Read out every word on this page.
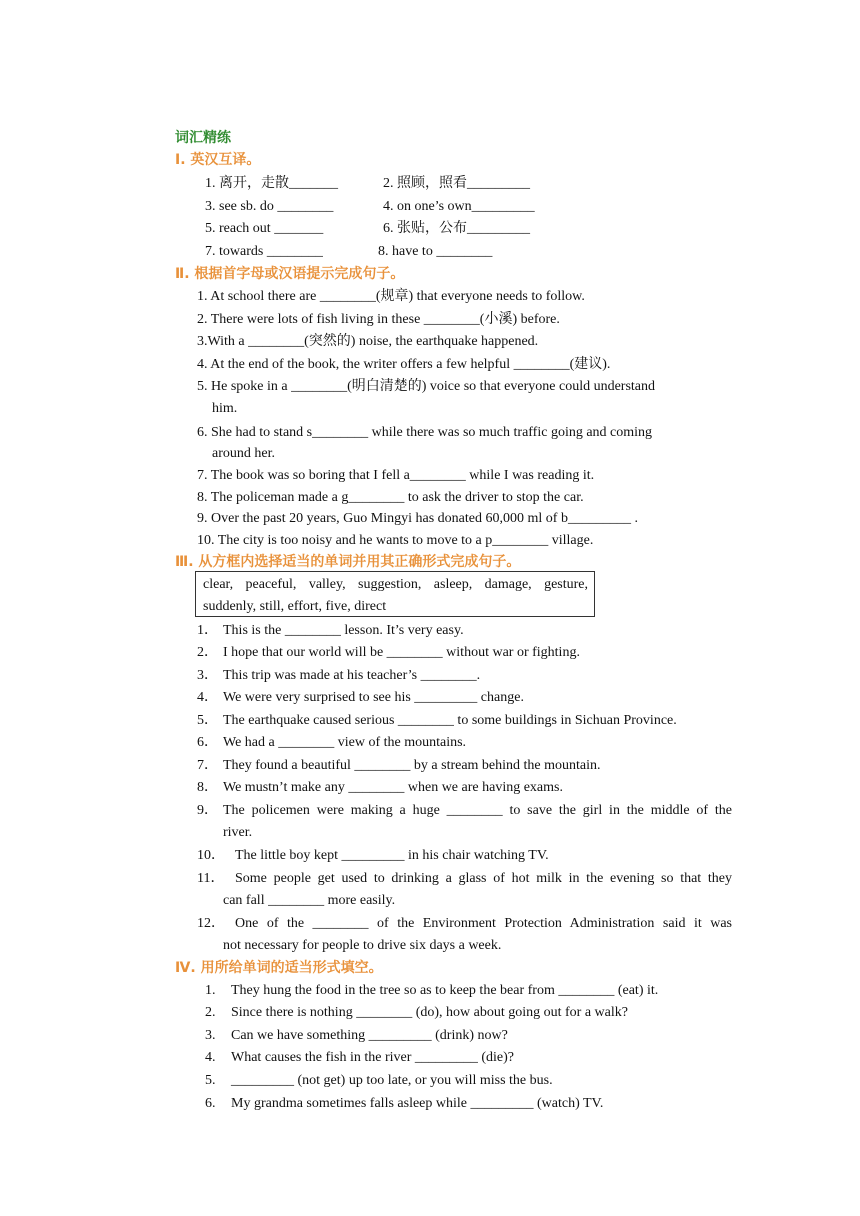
词汇精练
Ⅰ. 英汉互译。
1. 离开，走散_______	2. 照顾，照看_________
3. see sb. do ________	4. on one’s own_________
5. reach out _______	6. 张贴，公布_________
7. towards ________	8. have to ________
Ⅱ. 根据首字母或汉语提示完成句子。
1. At school there are ________(规章) that everyone needs to follow.
2. There were lots of fish living in these ________(小溪) before.
3.With a ________(突然的) noise, the earthquake happened.
4. At the end of the book, the writer offers a few helpful ________(建议).
5. He spoke in a ________(明白清楚的) voice so that everyone could understand
him.
6. She had to stand s________ while there was so much traffic going and coming
around her.
7. The book was so boring that I fell a________ while I was reading it.
8. The policeman made a g________ to ask the driver to stop the car.
9. Over the past 20 years, Guo Mingyi has donated 60,000 ml of b_________ .
10. The city is too noisy and he wants to move to a p________ village.
Ⅲ. 从方框内选择适当的单词并用其正确形式完成句子。
clear, peaceful, valley, suggestion, asleep, damage, gesture,
suddenly, still, effort, five, direct
1． This is the ________ lesson. It’s very easy.
2． I hope that our world will be ________ without war or fighting.
3． This trip was made at his teacher’s ________.
4． We were very surprised to see his _________ change.
5． The earthquake caused serious ________ to some buildings in Sichuan Province.
6． We had a ________ view of the mountains.
7． They found a beautiful ________ by a stream behind the mountain.
8． We mustn’t make any ________ when we are having exams.
9． The policemen were making a huge ________ to save the girl in the middle of the
river.
10． The little boy kept _________ in his chair watching TV.
11． Some people get used to drinking a glass of hot milk in the evening so that they
can fall ________ more easily.
12． One of the ________ of the Environment Protection Administration said it was
not necessary for people to drive six days a week.
Ⅳ. 用所给单词的适当形式填空。
1. They hung the food in the tree so as to keep the bear from ________ (eat) it.
2. Since there is nothing ________ (do), how about going out for a walk?
3. Can we have something _________ (drink) now?
4. What causes the fish in the river _________ (die)?
5. _________ (not get) up too late, or you will miss the bus.
6. My grandma sometimes falls asleep while _________ (watch) TV.
